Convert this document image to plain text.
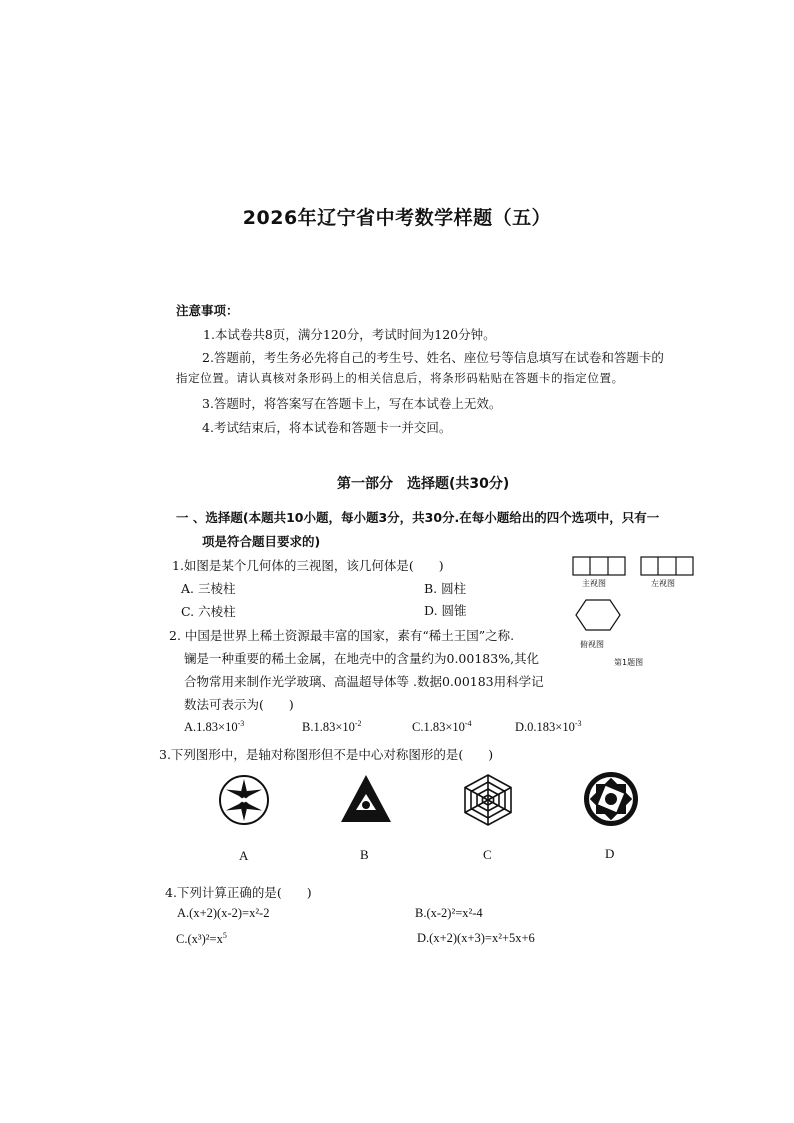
2026年辽宁省中考数学样题（五）
注意事项：
1.本试卷共8页，满分120分，考试时间为120分钟。
2.答题前，考生务必先将自己的考生号、姓名、座位号等信息填写在试卷和答题卡的
指定位置。请认真核对条形码上的相关信息后，将条形码粘贴在答题卡的指定位置。
3.答题时，将答案写在答题卡上，写在本试卷上无效。
4.考试结束后，将本试卷和答题卡一并交回。
第一部分　选择题(共30分)
一 、选择题(本题共10小题，每小题3分，共30分.在每小题给出的四个选项中，只有一
项是符合题目要求的)
1.如图是某个几何体的三视图，该几何体是(　　)
A. 三棱柱	B. 圆柱
C. 六棱柱	D. 圆锥
主视图	左视图
俯视图
第1题图
2. 中国是世界上稀土资源最丰富的国家，素有“稀土王国”之称.
镧是一种重要的稀土金属，在地壳中的含量约为0.00183%,其化
合物常用来制作光学玻璃、高温超导体等 .数据0.00183用科学记
数法可表示为(　　)
$A.1.83\times 10^{-3}$	$B.1.83\times 10^{-2}$	$C.1.83\times 10^{-4}$	$D.0.183\times 10^{-3}$
3.下列图形中，是轴对称图形但不是中心对称图形的是(　　)
A	B	C	D
4.下列计算正确的是(　　)
A.(x+2)(x-2)=x²-2	B.(x-2)²=x²-4
$C.(x^3)^2=x^5$	D.(x+2)(x+3)=x²+5x+6
